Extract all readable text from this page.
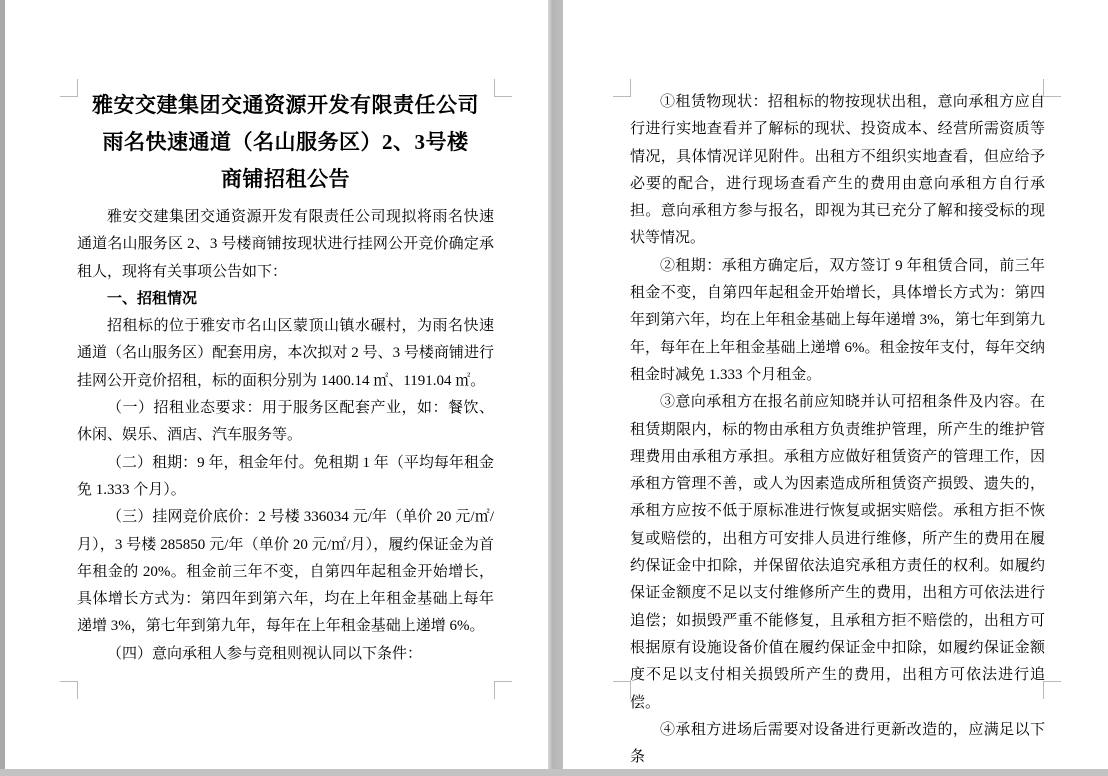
雅安交建集团交通资源开发有限责任公司
雨名快速通道（名山服务区）2、3号楼
商铺招租公告

雅安交建集团交通资源开发有限责任公司现拟将雨名快速通道名山服务区 2、3 号楼商铺按现状进行挂网公开竞价确定承租人，现将有关事项公告如下：

一、招租情况

招租标的位于雅安市名山区蒙顶山镇水碾村，为雨名快速通道（名山服务区）配套用房，本次拟对 2 号、3 号楼商铺进行挂网公开竞价招租，标的面积分别为 1400.14 ㎡、1191.04 ㎡。

（一）招租业态要求：用于服务区配套产业，如：餐饮、休闲、娱乐、酒店、汽车服务等。

（二）租期：9 年，租金年付。免租期 1 年（平均每年租金免 1.333 个月）。

（三）挂网竞价底价：2 号楼 336034 元/年（单价 20 元/㎡/月），3 号楼 285850 元/年（单价 20 元/㎡/月），履约保证金为首年租金的 20%。租金前三年不变，自第四年起租金开始增长，具体增长方式为：第四年到第六年，均在上年租金基础上每年递增 3%，第七年到第九年，每年在上年租金基础上递增 6%。

（四）意向承租人参与竞租则视认同以下条件：

①租赁物现状：招租标的物按现状出租，意向承租方应自行进行实地查看并了解标的现状、投资成本、经营所需资质等情况，具体情况详见附件。出租方不组织实地查看，但应给予必要的配合，进行现场查看产生的费用由意向承租方自行承担。意向承租方参与报名，即视为其已充分了解和接受标的现状等情况。

②租期：承租方确定后，双方签订 9 年租赁合同，前三年租金不变，自第四年起租金开始增长，具体增长方式为：第四年到第六年，均在上年租金基础上每年递增 3%，第七年到第九年，每年在上年租金基础上递增 6%。租金按年支付，每年交纳租金时减免 1.333 个月租金。

③意向承租方在报名前应知晓并认可招租条件及内容。在租赁期限内，标的物由承租方负责维护管理，所产生的维护管理费用由承租方承担。承租方应做好租赁资产的管理工作，因承租方管理不善，或人为因素造成所租赁资产损毁、遗失的，承租方应按不低于原标准进行恢复或据实赔偿。承租方拒不恢复或赔偿的，出租方可安排人员进行维修，所产生的费用在履约保证金中扣除，并保留依法追究承租方责任的权利。如履约保证金额度不足以支付维修所产生的费用，出租方可依法进行追偿；如损毁严重不能修复，且承租方拒不赔偿的，出租方可根据原有设施设备价值在履约保证金中扣除，如履约保证金额度不足以支付相关损毁所产生的费用，出租方可依法进行追偿。

④承租方进场后需要对设备进行更新改造的，应满足以下条
